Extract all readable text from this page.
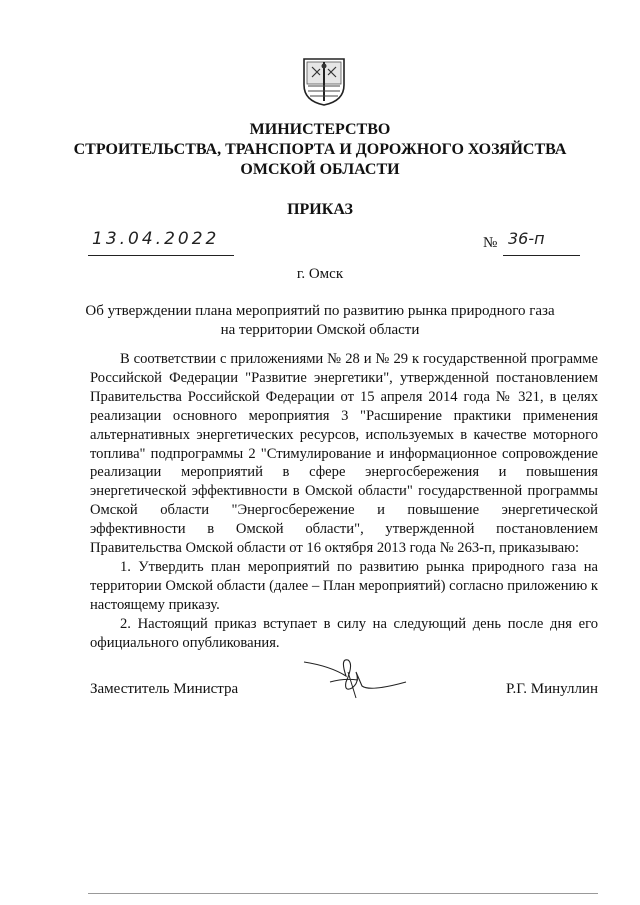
МИНИСТЕРСТВО
СТРОИТЕЛЬСТВА, ТРАНСПОРТА И ДОРОЖНОГО ХОЗЯЙСТВА
ОМСКОЙ ОБЛАСТИ
ПРИКАЗ
13.04.2022	№ 36-п
г. Омск
Об утверждении плана мероприятий по развитию рынка природного газа на территории Омской области

В соответствии с приложениями № 28 и № 29 к государственной программе Российской Федерации "Развитие энергетики", утвержденной постановлением Правительства Российской Федерации от 15 апреля 2014 года № 321, в целях реализации основного мероприятия 3 "Расширение практики применения альтернативных энергетических ресурсов, используемых в качестве моторного топлива" подпрограммы 2 "Стимулирование и информационное сопровождение реализации мероприятий в сфере энергосбережения и повышения энергетической эффективности в Омской области" государственной программы Омской области "Энергосбережение и повышение энергетической эффективности в Омской области", утвержденной постановлением Правительства Омской области от 16 октября 2013 года № 263-п, приказываю:

1. Утвердить план мероприятий по развитию рынка природного газа на территории Омской области (далее – План мероприятий) согласно приложению к настоящему приказу.

2. Настоящий приказ вступает в силу на следующий день после дня его официального опубликования.

Заместитель Министра	Р.Г. Минуллин
